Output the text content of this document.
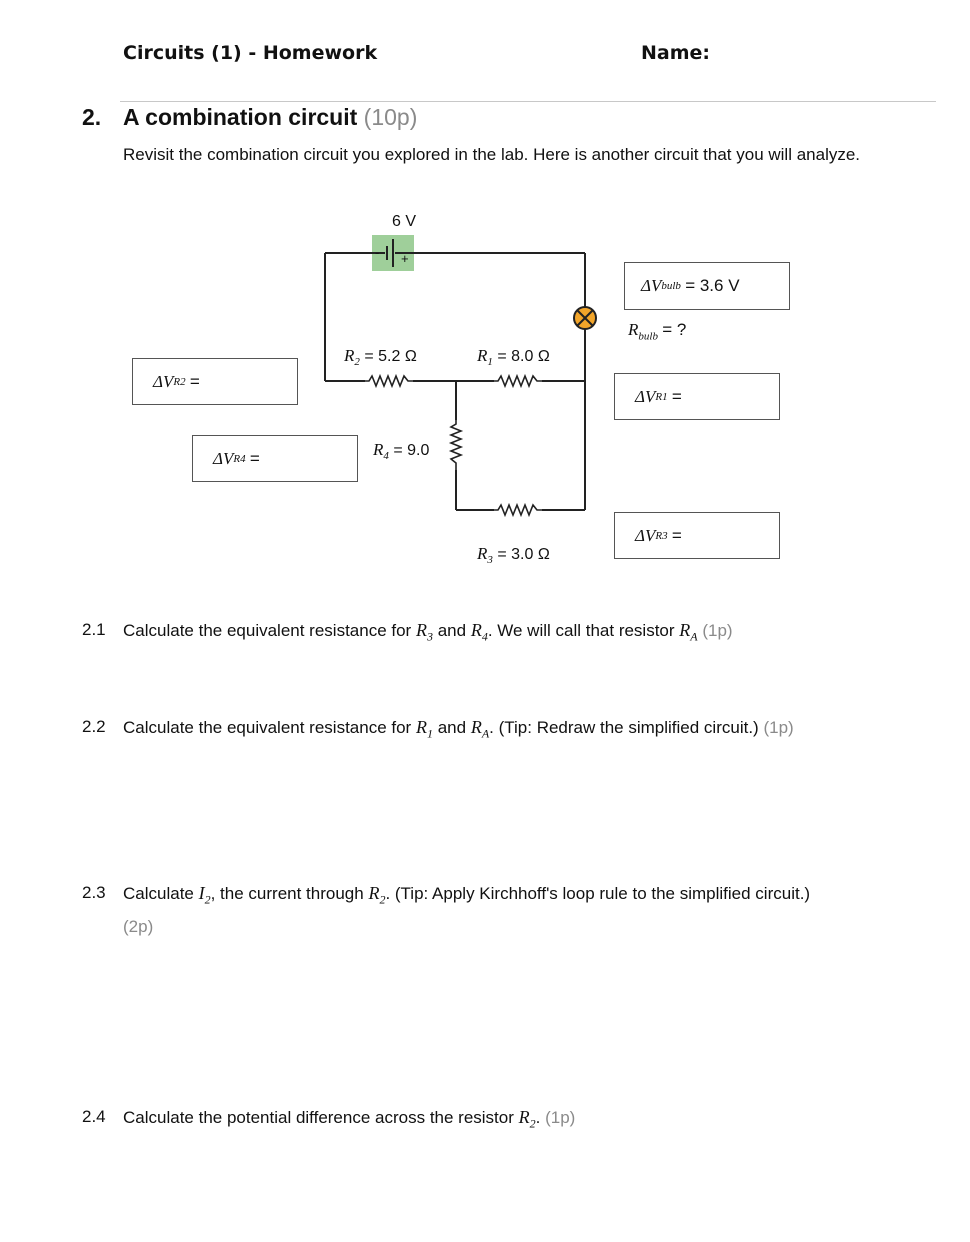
Circuits (1) - Homework	Name:
2. A combination circuit (10p)
Revisit the combination circuit you explored in the lab. Here is another circuit that you will analyze.
6 V
- +
$R_2 = 5.2$ Ω	$R_1 = 8.0$ Ω
$R_4 = 9.0$
$R_3 = 3.0$ Ω
ΔV bulb
= 3.6 V
$R_{bulb}$ = ?
ΔV R2
=
ΔV R1
=
ΔV R4
=
ΔV R3
=
2.1 Calculate the equivalent resistance for $R_3$ and $R_4$. We will call that resistor $R_A$ (1p)
2.2 Calculate the equivalent resistance for $R_1$ and $R_A$. (Tip: Redraw the simplified circuit.) (1p)
2.3 Calculate $I_2$, the current through $R_2$. (Tip: Apply Kirchhoff's loop rule to the simplified circuit.)
(2p)
2.4 Calculate the potential difference across the resistor $R_2$. (1p)
